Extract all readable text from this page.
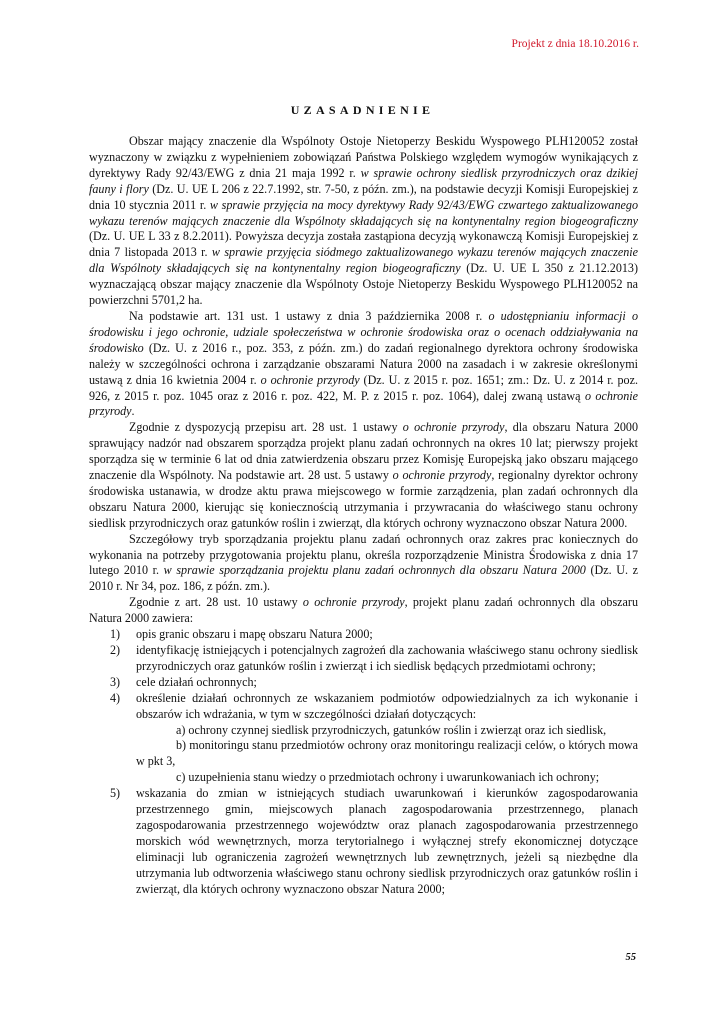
Projekt z dnia 18.10.2016 r.
UZASADNIENIE

Obszar mający znaczenie dla Wspólnoty Ostoje Nietoperzy Beskidu Wyspowego PLH120052 został wyznaczony w związku z wypełnieniem zobowiązań Państwa Polskiego względem wymogów wynikających z dyrektywy Rady 92/43/EWG z dnia 21 maja 1992 r. w sprawie ochrony siedlisk przyrodniczych oraz dzikiej fauny i flory (Dz. U. UE L 206 z 22.7.1992, str. 7-50, z późn. zm.), na podstawie decyzji Komisji Europejskiej z dnia 10 stycznia 2011 r. w sprawie przyjęcia na mocy dyrektywy Rady 92/43/EWG czwartego zaktualizowanego wykazu terenów mających znaczenie dla Wspólnoty składających się na kontynentalny region biogeograficzny (Dz. U. UE L 33 z 8.2.2011). Powyższa decyzja została zastąpiona decyzją wykonawczą Komisji Europejskiej z dnia 7 listopada 2013 r. w sprawie przyjęcia siódmego zaktualizowanego wykazu terenów mających znaczenie dla Wspólnoty składających się na kontynentalny region biogeograficzny (Dz. U. UE L 350 z 21.12.2013) wyznaczającą obszar mający znaczenie dla Wspólnoty Ostoje Nietoperzy Beskidu Wyspowego PLH120052 na powierzchni 5701,2 ha.

Na podstawie art. 131 ust. 1 ustawy z dnia 3 października 2008 r. o udostępnianiu informacji o środowisku i jego ochronie, udziale społeczeństwa w ochronie środowiska oraz o ocenach oddziaływania na środowisko (Dz. U. z 2016 r., poz. 353, z późn. zm.) do zadań regionalnego dyrektora ochrony środowiska należy w szczególności ochrona i zarządzanie obszarami Natura 2000 na zasadach i w zakresie określonymi ustawą z dnia 16 kwietnia 2004 r. o ochronie przyrody (Dz. U. z 2015 r. poz. 1651; zm.: Dz. U. z 2014 r. poz. 926, z 2015 r. poz. 1045 oraz z 2016 r. poz. 422, M. P. z 2015 r. poz. 1064), dalej zwaną ustawą o ochronie przyrody.

Zgodnie z dyspozycją przepisu art. 28 ust. 1 ustawy o ochronie przyrody, dla obszaru Natura 2000 sprawujący nadzór nad obszarem sporządza projekt planu zadań ochronnych na okres 10 lat; pierwszy projekt sporządza się w terminie 6 lat od dnia zatwierdzenia obszaru przez Komisję Europejską jako obszaru mającego znaczenie dla Wspólnoty. Na podstawie art. 28 ust. 5 ustawy o ochronie przyrody, regionalny dyrektor ochrony środowiska ustanawia, w drodze aktu prawa miejscowego w formie zarządzenia, plan zadań ochronnych dla obszaru Natura 2000, kierując się koniecznością utrzymania i przywracania do właściwego stanu ochrony siedlisk przyrodniczych oraz gatunków roślin i zwierząt, dla których ochrony wyznaczono obszar Natura 2000.

Szczegółowy tryb sporządzania projektu planu zadań ochronnych oraz zakres prac koniecznych do wykonania na potrzeby przygotowania projektu planu, określa rozporządzenie Ministra Środowiska z dnia 17 lutego 2010 r. w sprawie sporządzania projektu planu zadań ochronnych dla obszaru Natura 2000 (Dz. U. z 2010 r. Nr 34, poz. 186, z późn. zm.).

Zgodnie z art. 28 ust. 10 ustawy o ochronie przyrody, projekt planu zadań ochronnych dla obszaru Natura 2000 zawiera:

1) opis granic obszaru i mapę obszaru Natura 2000;
2) identyfikację istniejących i potencjalnych zagrożeń dla zachowania właściwego stanu ochrony siedlisk przyrodniczych oraz gatunków roślin i zwierząt i ich siedlisk będących przedmiotami ochrony;
3) cele działań ochronnych;
4) określenie działań ochronnych ze wskazaniem podmiotów odpowiedzialnych za ich wykonanie i obszarów ich wdrażania, w tym w szczególności działań dotyczących:

a) ochrony czynnej siedlisk przyrodniczych, gatunków roślin i zwierząt oraz ich siedlisk,

b) monitoringu stanu przedmiotów ochrony oraz monitoringu realizacji celów, o których mowa w pkt 3,

c) uzupełnienia stanu wiedzy o przedmiotach ochrony i uwarunkowaniach ich ochrony;

5) wskazania do zmian w istniejących studiach uwarunkowań i kierunków zagospodarowania przestrzennego gmin, miejscowych planach zagospodarowania przestrzennego, planach zagospodarowania przestrzennego województw oraz planach zagospodarowania przestrzennego morskich wód wewnętrznych, morza terytorialnego i wyłącznej strefy ekonomicznej dotyczące eliminacji lub ograniczenia zagrożeń wewnętrznych lub zewnętrznych, jeżeli są niezbędne dla utrzymania lub odtworzenia właściwego stanu ochrony siedlisk przyrodniczych oraz gatunków roślin i zwierząt, dla których ochrony wyznaczono obszar Natura 2000;
55
